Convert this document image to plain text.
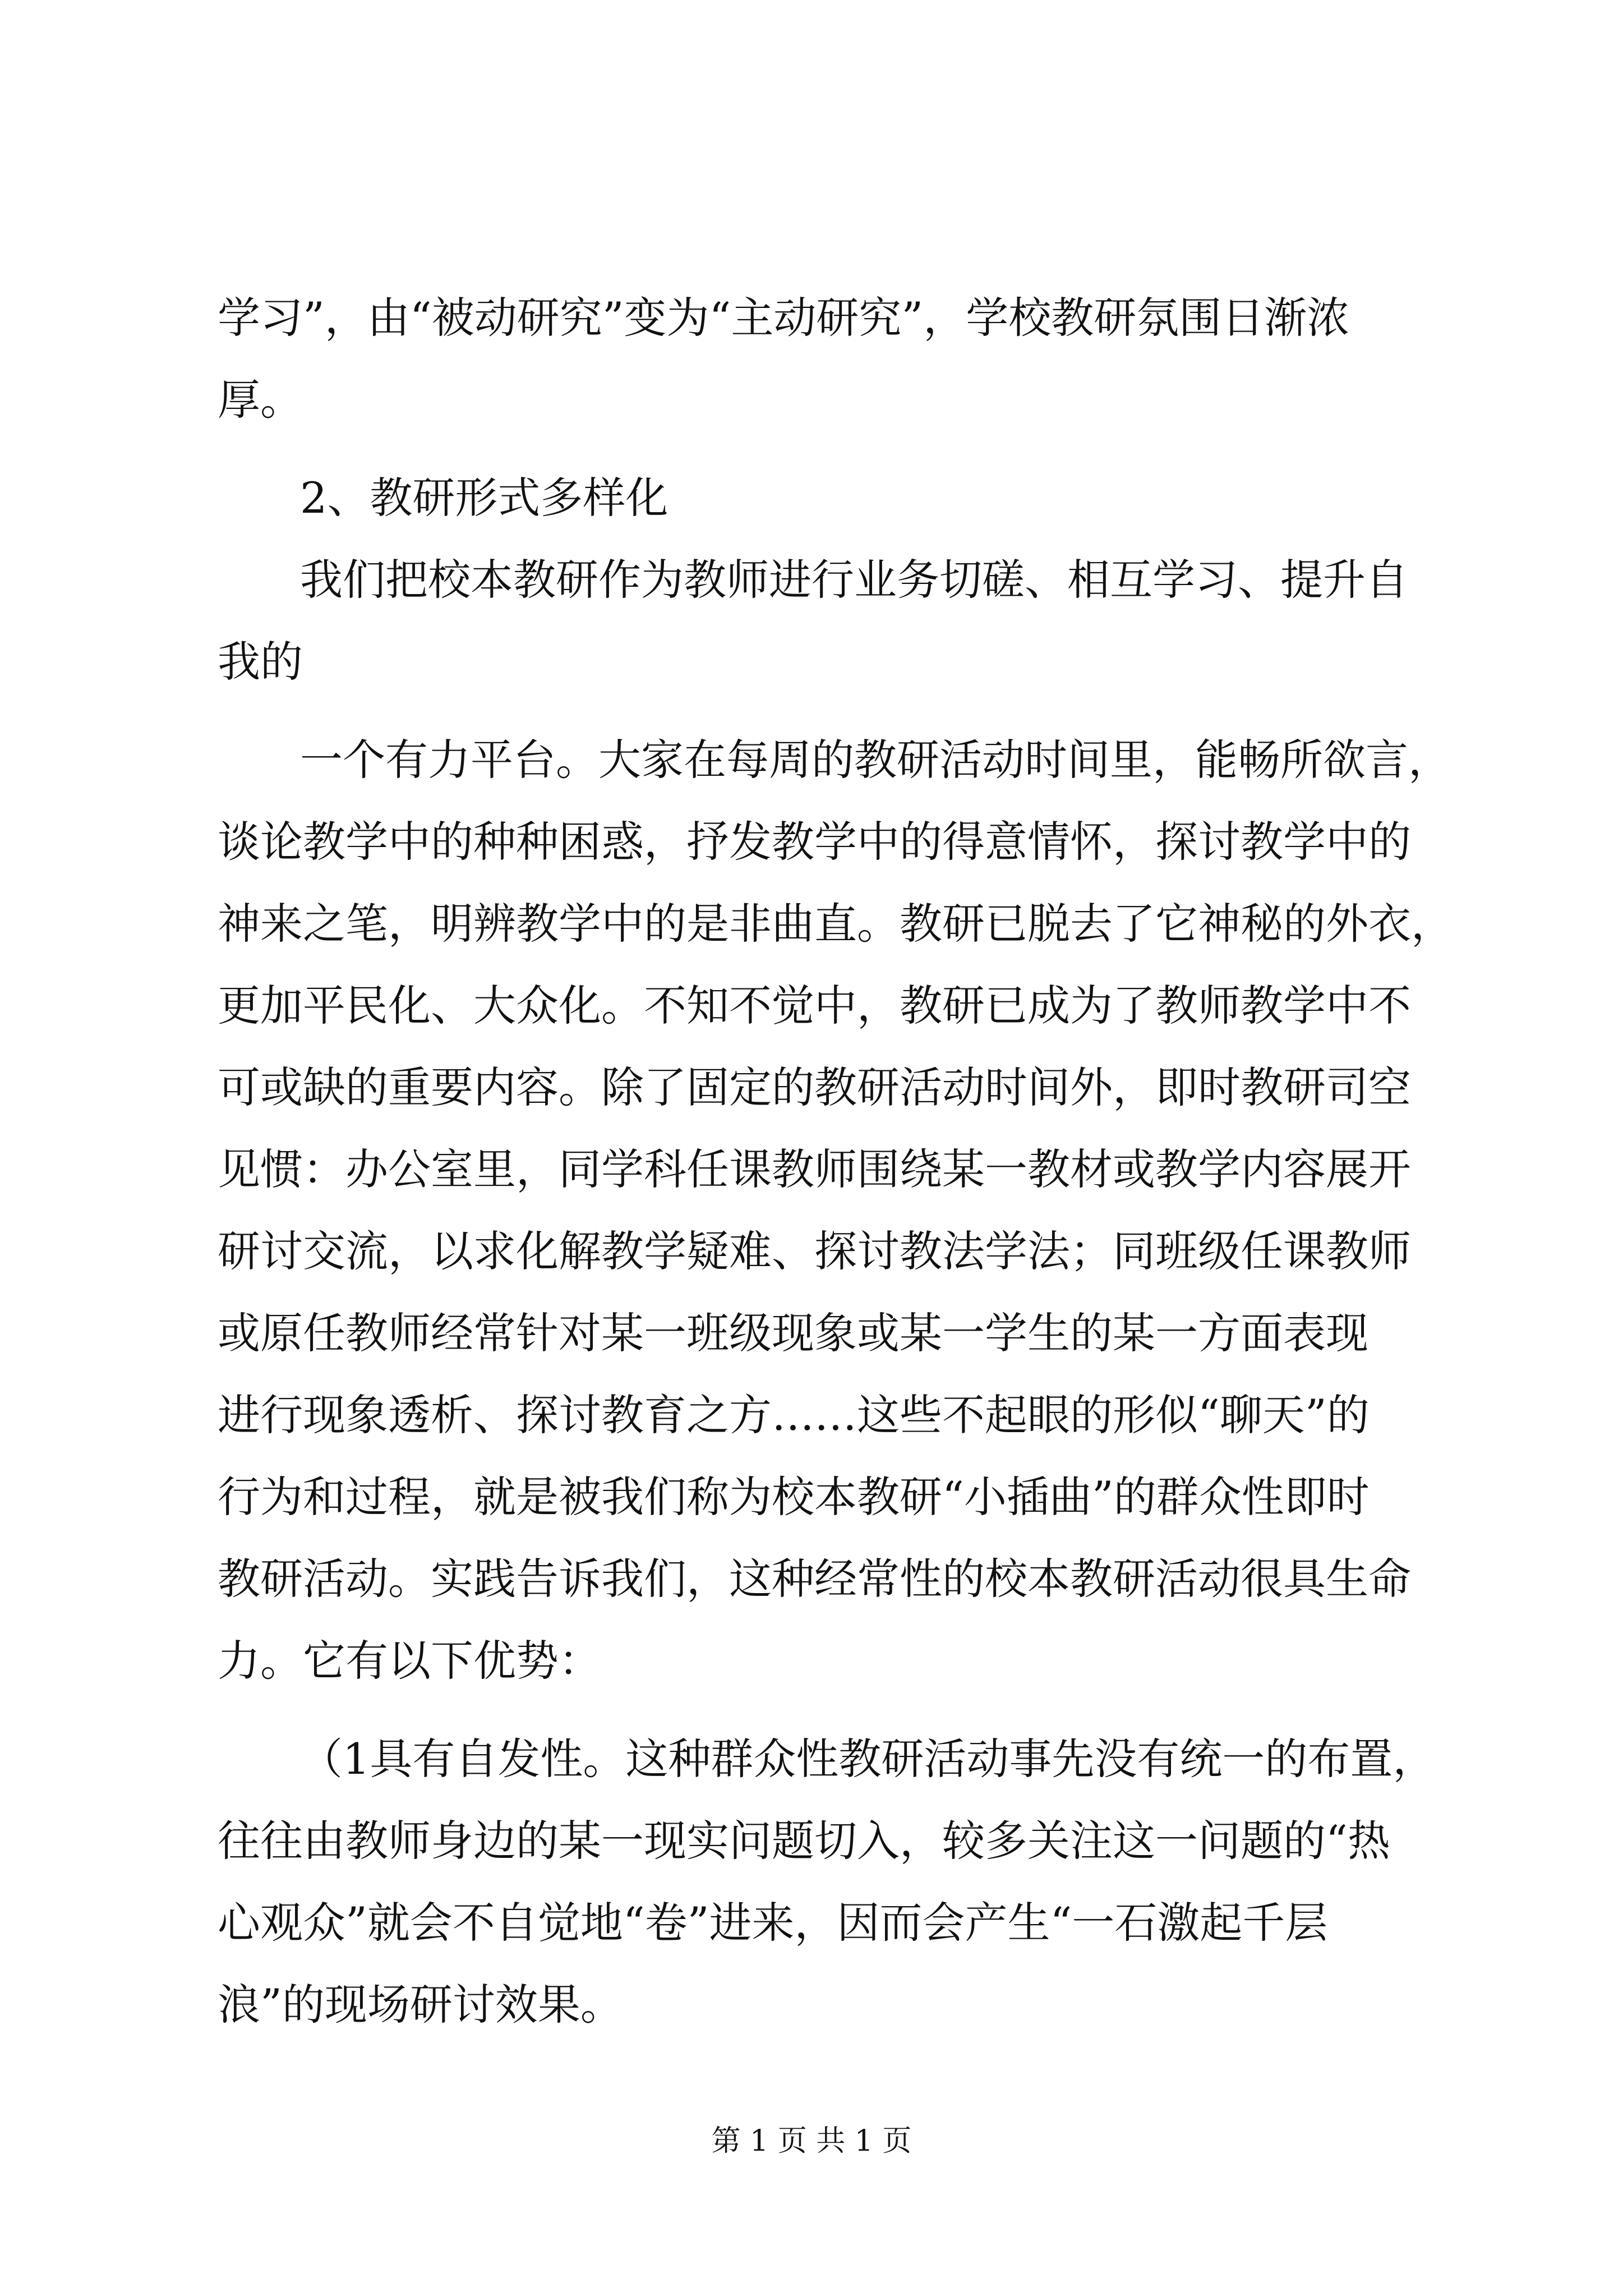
学习”，由“被动研究”变为“主动研究”，学校教研氛围日渐浓

厚。

2、教研形式多样化

我们把校本教研作为教师进行业务切磋、相互学习、提升自

我的

一个有力平台。大家在每周的教研活动时间里，能畅所欲言，

谈论教学中的种种困惑，抒发教学中的得意情怀，探讨教学中的

神来之笔，明辨教学中的是非曲直。教研已脱去了它神秘的外衣，

更加平民化、大众化。不知不觉中，教研已成为了教师教学中不

可或缺的重要内容。除了固定的教研活动时间外，即时教研司空

见惯：办公室里，同学科任课教师围绕某一教材或教学内容展开

研讨交流，以求化解教学疑难、探讨教法学法；同班级任课教师

或原任教师经常针对某一班级现象或某一学生的某一方面表现

进行现象透析、探讨教育之方……这些不起眼的形似“聊天”的

行为和过程，就是被我们称为校本教研“小插曲”的群众性即时

教研活动。实践告诉我们，这种经常性的校本教研活动很具生命

力。它有以下优势：

（1具有自发性。这种群众性教研活动事先没有统一的布置，

往往由教师身边的某一现实问题切入，较多关注这一问题的“热

心观众”就会不自觉地“卷”进来，因而会产生“一石激起千层

浪”的现场研讨效果。

第 1 页 共 1 页
